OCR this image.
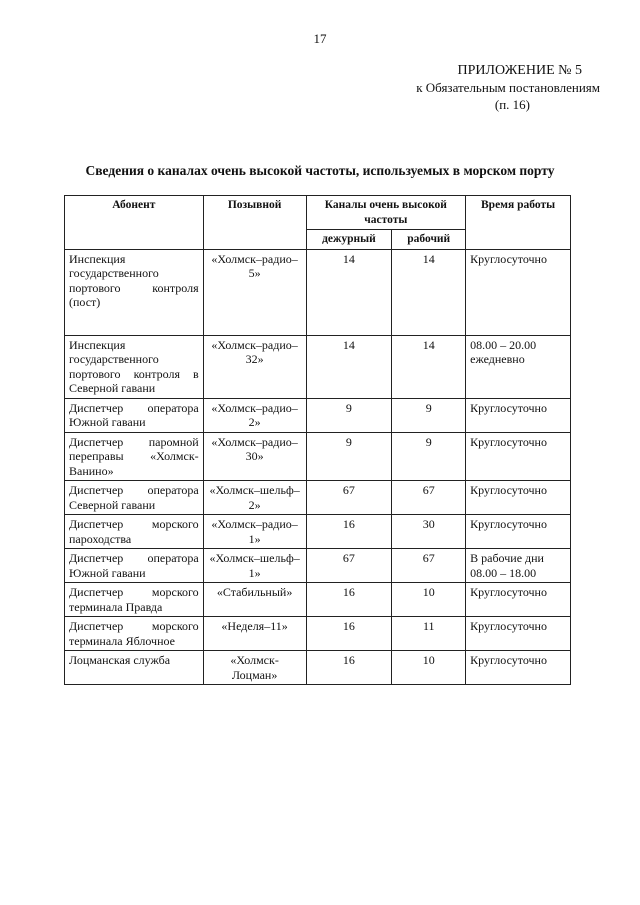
17
ПРИЛОЖЕНИЕ № 5
к Обязательным постановлениям
(п. 16)
Сведения о каналах очень высокой частоты, используемых в морском порту
Абонент	Позывной	Каналы очень высокой частоты		Время работы
		дежурный	рабочий	
Инспекция государственного портового контроля (пост)	«Холмск–радио–5»	14	14	Круглосуточно
Инспекция государственного портового контроля в Северной гавани	«Холмск–радио–32»	14	14	08.00 – 20.00 ежедневно
Диспетчер оператора Южной гавани	«Холмск–радио–2»	9	9	Круглосуточно
Диспетчер паромной переправы «Холмск-Ванино»	«Холмск–радио–30»	9	9	Круглосуточно
Диспетчер оператора Северной гавани	«Холмск–шельф–2»	67	67	Круглосуточно
Диспетчер морского пароходства	«Холмск–радио–1»	16	30	Круглосуточно
Диспетчер оператора Южной гавани	«Холмск–шельф–1»	67	67	В рабочие дни 08.00 – 18.00
Диспетчер морского терминала Правда	«Стабильный»	16	10	Круглосуточно
Диспетчер морского терминала Яблочное	«Неделя–11»	16	11	Круглосуточно
Лоцманская служба	«Холмск-Лоцман»	16	10	Круглосуточно
